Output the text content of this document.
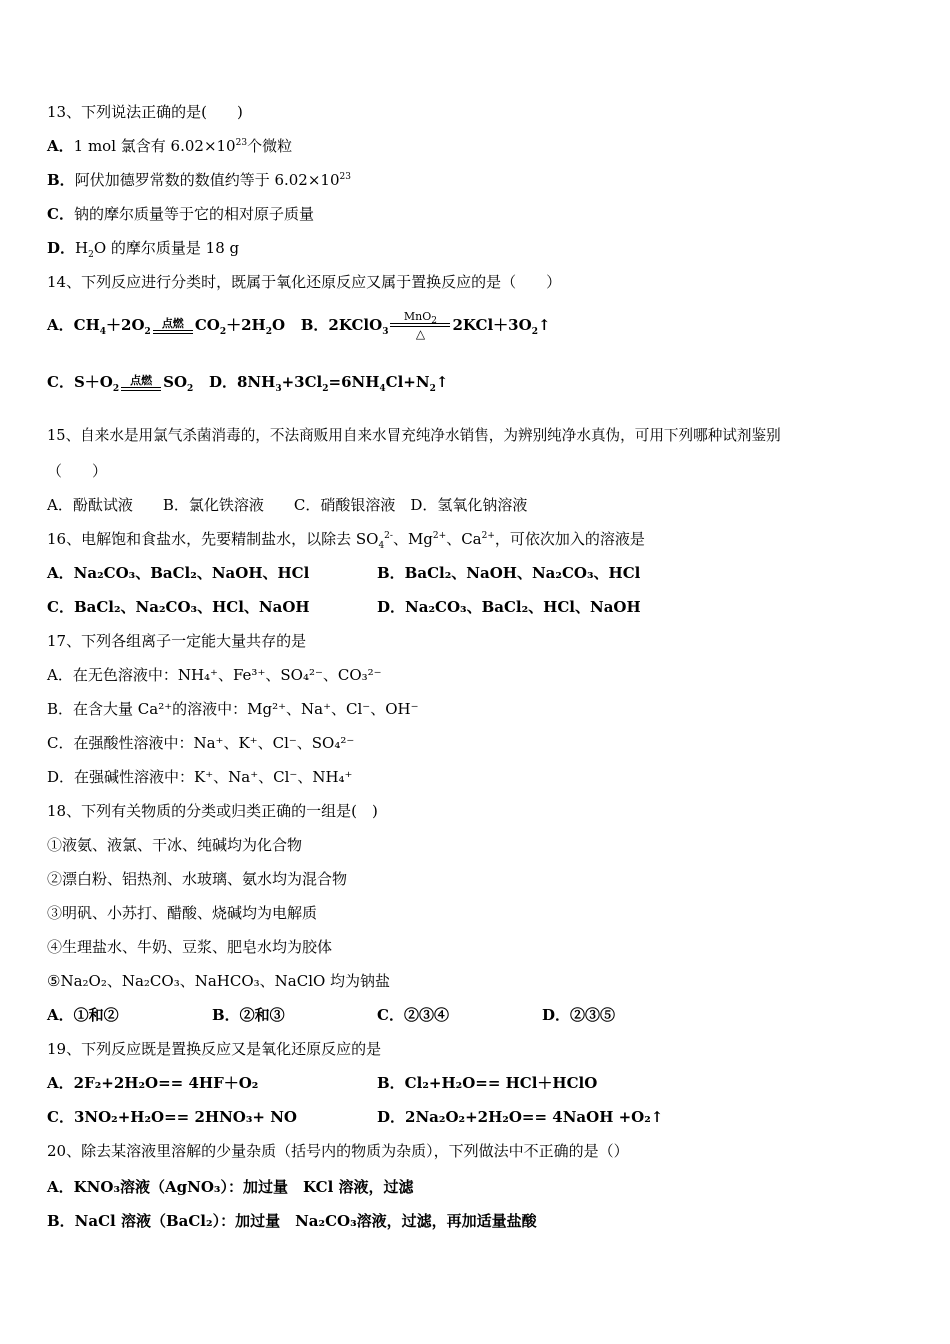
13、下列说法正确的是(　　)
A．1 mol 氯含有 $6.02\times 10^{23}$个微粒
B．阿伏加德罗常数的数值约等于 $6.02\times 10^{23}$
C．钠的摩尔质量等于它的相对原子质量
D．$H_2O$ 的摩尔质量是 18 g
14、下列反应进行分类时，既属于氧化还原反应又属于置换反应的是（　　）
A．$CH_4+2O_2$
点燃 $CO_2+2H_2O$ B．2KClO$_3$
MnO$_2$
△	$2KCl+3O_2↑$
C．$S+O_2$
点燃 $SO_2$ D．$8NH_3+3Cl_2=6NH_4Cl+N_2↑$
15、自来水是用氯气杀菌消毒的，不法商贩用自来水冒充纯净水销售，为辨别纯净水真伪，可用下列哪种试剂鉴别
（　　）
A．酚酞试液　　B．氯化铁溶液　　C．硝酸银溶液　D．氢氧化钠溶液
16、电解饱和食盐水，先要精制盐水，以除去 $SO_4^{2-}$、$Mg^{2+}$、$Ca^{2+}$，可依次加入的溶液是
A．Na₂CO₃、BaCl₂、NaOH、HCl	B．BaCl₂、NaOH、Na₂CO₃、HCl
C．BaCl₂、Na₂CO₃、HCl、NaOH	D．Na₂CO₃、BaCl₂、HCl、NaOH
17、下列各组离子一定能大量共存的是
A．在无色溶液中：NH₄⁺、Fe³⁺、SO₄²⁻、CO₃²⁻
B．在含大量 Ca²⁺的溶液中：Mg²⁺、Na⁺、Cl⁻、OH⁻
C．在强酸性溶液中：Na⁺、K⁺、Cl⁻、SO₄²⁻
D．在强碱性溶液中：K⁺、Na⁺、Cl⁻、NH₄⁺
18、下列有关物质的分类或归类正确的一组是(　)
①液氨、液氯、干冰、纯碱均为化合物
②漂白粉、铝热剂、水玻璃、氨水均为混合物
③明矾、小苏打、醋酸、烧碱均为电解质
④生理盐水、牛奶、豆浆、肥皂水均为胶体
⑤Na₂O₂、Na₂CO₃、NaHCO₃、NaClO 均为钠盐
A．①和②	B．②和③	C．②③④	D．②③⑤
19、下列反应既是置换反应又是氧化还原反应的是
A．2F₂+2H₂O== 4HF＋O₂	B．Cl₂+H₂O== HCl＋HClO
C．3NO₂+H₂O== 2HNO₃+ NO	D．2Na₂O₂+2H₂O== 4NaOH +O₂↑
20、除去某溶液里溶解的少量杂质（括号内的物质为杂质），下列做法中不正确的是（）
A．KNO₃溶液（AgNO₃）：加过量　KCl 溶液，过滤
B．NaCl 溶液（BaCl₂）：加过量　Na₂CO₃溶液，过滤，再加适量盐酸
